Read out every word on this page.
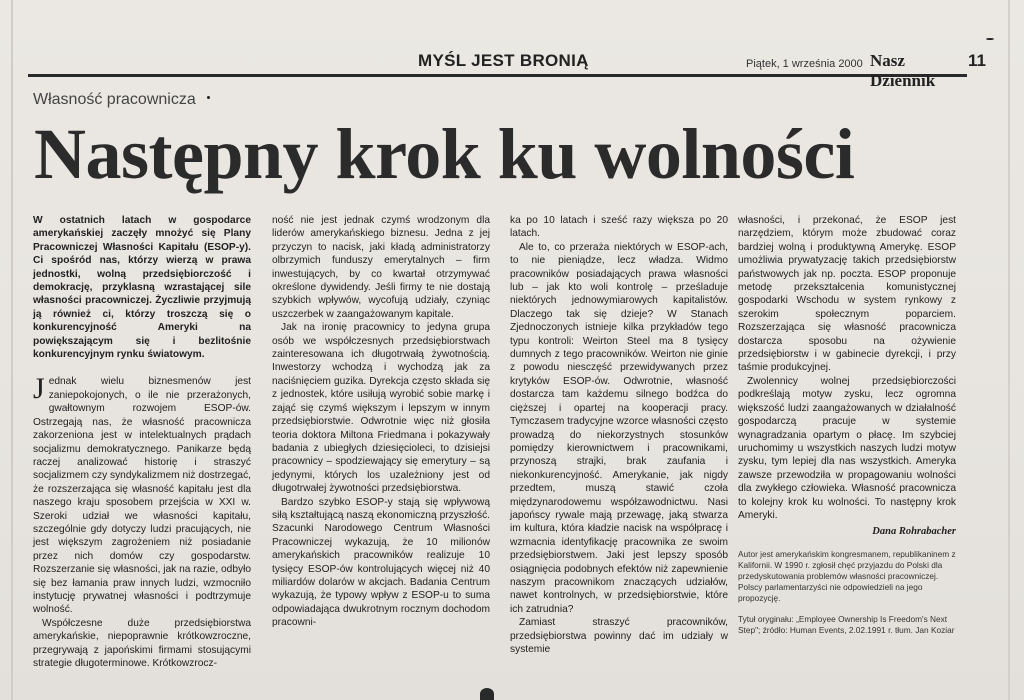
MYŚL JEST BRONIĄ	Piątek, 1 września 2000 Nasz Dziennik
11
Własność pracownicza
Następny krok ku wolności

W ostatnich latach w gospodarce amerykańskiej zaczęły mnożyć się Plany Pracowniczej Własności Kapitału (ESOP-y). Ci spośród nas, którzy wierzą w prawa jednostki, wolną przedsiębiorczość i demokrację, przyklasną wzrastającej sile własności pracowniczej. Życzliwie przyjmują ją również ci, którzy troszczą się o konkurencyjność Ameryki na powiększającym się i bezlitośnie konkurencyjnym rynku światowym.

Jednak wielu biznesmenów jest zaniepokojonych, o ile nie przerażonych, gwałtownym rozwojem ESOP-ów. Ostrzegają nas, że własność pracownicza zakorzeniona jest w intelektualnych prądach socjalizmu demokratycznego. Panikarze będą raczej analizować historię i straszyć socjalizmem czy syndykalizmem niż dostrzegać, że rozszerzająca się własność kapitału jest dla naszego kraju sposobem przejścia w XXI w. Szeroki udział we własności kapitału, szczególnie gdy dotyczy ludzi pracujących, nie jest większym zagrożeniem niż posiadanie przez nich domów czy gospodarstw. Rozszerzanie się własności, jak na razie, odbyło się bez łamania praw innych ludzi, wzmocniło instytucję prywatnej własności i podtrzymuje wolność.

Współczesne duże przedsiębiorstwa amerykańskie, niepoprawnie krótkowzroczne, przegrywają z japońskimi firmami stosującymi strategie długoterminowe. Krótkowzrocz-

ność nie jest jednak czymś wrodzonym dla liderów amerykańskiego biznesu. Jedna z jej przyczyn to nacisk, jaki kładą administratorzy olbrzymich funduszy emerytalnych – firm inwestujących, by co kwartał otrzymywać określone dywidendy. Jeśli firmy te nie dostają szybkich wpływów, wycofują udziały, czyniąc uszczerbek w zaangażowanym kapitale.

Jak na ironię pracownicy to jedyna grupa osób we współczesnych przedsiębiorstwach zainteresowana ich długotrwałą żywotnością. Inwestorzy wchodzą i wychodzą jak za naciśnięciem guzika. Dyrekcja często składa się z jednostek, które usiłują wyrobić sobie markę i zająć się czymś większym i lepszym w innym przedsiębiorstwie. Odwrotnie więc niż głosiła teoria doktora Miltona Friedmana i pokazywały badania z ubiegłych dziesięcioleci, to dzisiejsi pracownicy – spodziewający się emerytury – są jedynymi, których los uzależniony jest od długotrwałej żywotności przedsiębiorstwa.

Bardzo szybko ESOP-y stają się wpływową siłą kształtującą naszą ekonomiczną przyszłość. Szacunki Narodowego Centrum Własności Pracowniczej wykazują, że 10 milionów amerykańskich pracowników realizuje 10 tysięcy ESOP-ów kontrolujących więcej niż 40 miliardów dolarów w akcjach. Badania Centrum wykazują, że typowy wpływ z ESOP-u to suma odpowiadająca dwukrotnym rocznym dochodom pracowni-

ka po 10 latach i sześć razy większa po 20 latach.

Ale to, co przeraża niektórych w ESOP-ach, to nie pieniądze, lecz władza. Widmo pracowników posiadających prawa własności lub – jak kto woli kontrolę – prześladuje niektórych jednowymiarowych kapitalistów. Dlaczego tak się dzieje? W Stanach Zjednoczonych istnieje kilka przykładów tego typu kontroli: Weirton Steel ma 8 tysięcy dumnych z tego pracowników. Weirton nie ginie z powodu niesczęść przewidywanych przez krytyków ESOP-ów. Odwrotnie, własność dostarcza tam każdemu silnego bodźca do cięższej i opartej na kooperacji pracy. Tymczasem tradycyjne wzorce własności często prowadzą do niekorzystnych stosunków pomiędzy kierownictwem i pracownikami, przynoszą strajki, brak zaufania i niekonkurencyjność. Amerykanie, jak nigdy przedtem, muszą stawić czoła międzynarodowemu współzawodnictwu. Nasi japońscy rywale mają przewagę, jaką stwarza im kultura, która kładzie nacisk na współpracę i wzmacnia identyfikację pracownika ze swoim przedsiębiorstwem. Jaki jest lepszy sposób osiągnięcia podobnych efektów niż zapewnienie naszym pracownikom znaczących udziałów, nawet kontrolnych, w przedsiębiorstwie, które ich zatrudnia?

Zamiast straszyć pracowników, przedsiębiorstwa powinny dać im udziały w systemie

własności, i przekonać, że ESOP jest narzędziem, którym może zbudować coraz bardziej wolną i produktywną Amerykę. ESOP umożliwia prywatyzację takich przedsiębiorstw państwowych jak np. poczta. ESOP proponuje metodę przekształcenia komunistycznej gospodarki Wschodu w system rynkowy z szerokim społecznym poparciem. Rozszerzająca się własność pracownicza dostarcza sposobu na ożywienie przedsiębiorstw i w gabinecie dyrekcji, i przy taśmie produkcyjnej.

Zwolennicy wolnej przedsiębiorczości podkreślają motyw zysku, lecz ogromna większość ludzi zaangażowanych w działalność gospodarczą pracuje w systemie wynagradzania opartym o płacę. Im szybciej uruchomimy u wszystkich naszych ludzi motyw zysku, tym lepiej dla nas wszystkich. Ameryka zawsze przewodziła w propagowaniu wolności dla zwykłego człowieka. Własność pracownicza to kolejny krok ku wolności. To następny krok Ameryki.

Dana Rohrabacher

Autor jest amerykańskim kongresmanem, republikaninem z Kalifornii. W 1990 r. zgłosił chęć przyjazdu do Polski dla przedyskutowania problemów własności pracowniczej. Polscy parlamentarzyści nie odpowiedzieli na jego propozycję.

Tytuł oryginału: „Employee Ownership Is Freedom's Next Step"; źródło: Human Events, 2.02.1991 r. tłum. Jan Koziar
